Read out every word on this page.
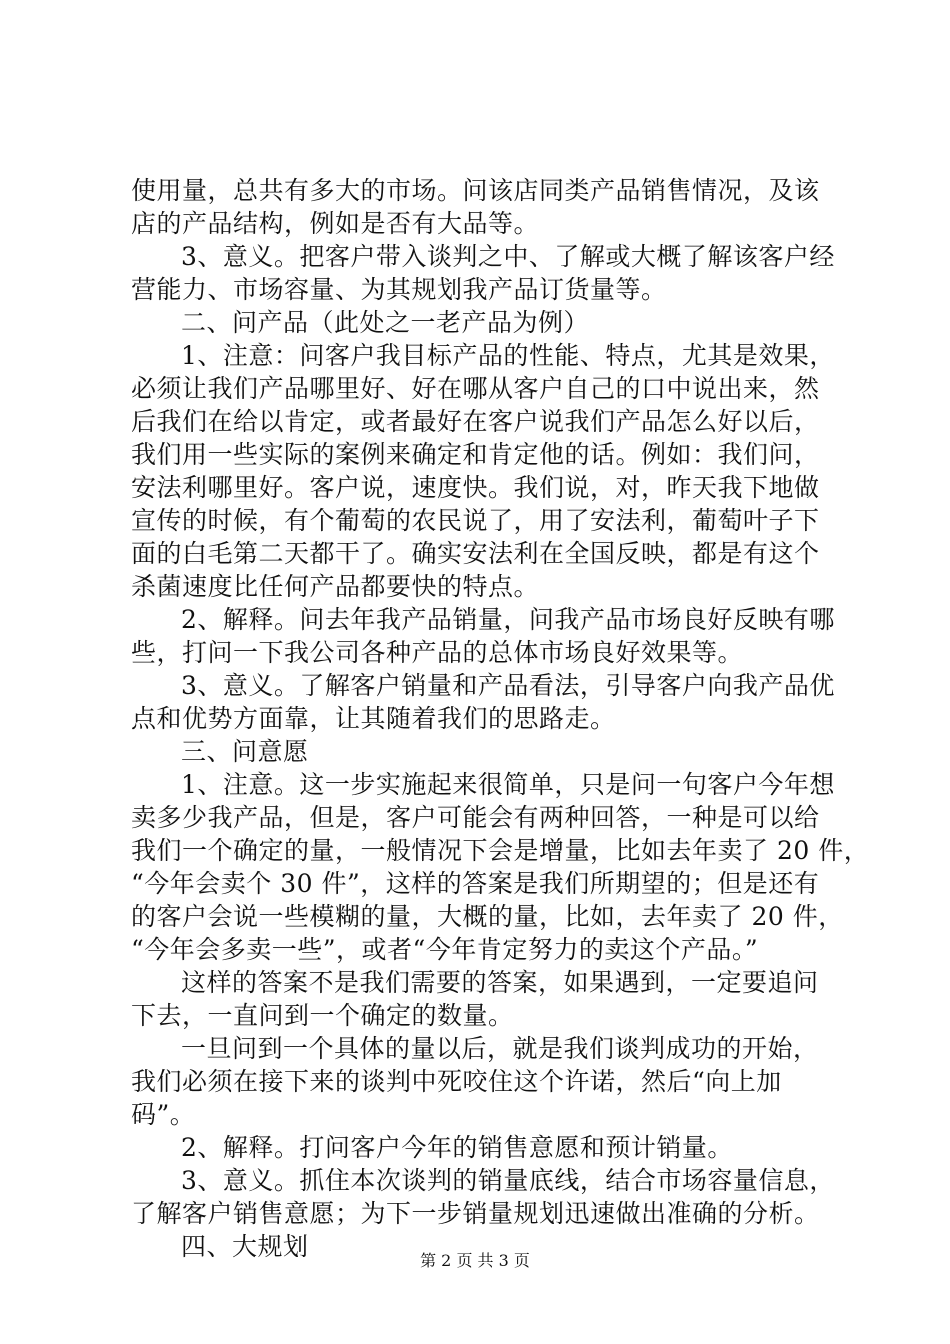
使用量，总共有多大的市场。问该店同类产品销售情况，及该
店的产品结构，例如是否有大品等。
3、意义。把客户带入谈判之中、了解或大概了解该客户经
营能力、市场容量、为其规划我产品订货量等。
二、问产品（此处之一老产品为例）
1、注意：问客户我目标产品的性能、特点，尤其是效果，
必须让我们产品哪里好、好在哪从客户自己的口中说出来，然
后我们在给以肯定，或者最好在客户说我们产品怎么好以后，
我们用一些实际的案例来确定和肯定他的话。例如：我们问，
安法利哪里好。客户说，速度快。我们说，对，昨天我下地做
宣传的时候，有个葡萄的农民说了，用了安法利，葡萄叶子下
面的白毛第二天都干了。确实安法利在全国反映，都是有这个
杀菌速度比任何产品都要快的特点。
2、解释。问去年我产品销量，问我产品市场良好反映有哪
些，打问一下我公司各种产品的总体市场良好效果等。
3、意义。了解客户销量和产品看法，引导客户向我产品优
点和优势方面靠，让其随着我们的思路走。
三、问意愿
1、注意。这一步实施起来很简单，只是问一句客户今年想
卖多少我产品，但是，客户可能会有两种回答，一种是可以给
我们一个确定的量，一般情况下会是增量，比如去年卖了 20 件，
“今年会卖个 30 件”，这样的答案是我们所期望的；但是还有
的客户会说一些模糊的量，大概的量，比如，去年卖了 20 件，
“今年会多卖一些”，或者“今年肯定努力的卖这个产品。”
这样的答案不是我们需要的答案，如果遇到，一定要追问
下去，一直问到一个确定的数量。
一旦问到一个具体的量以后，就是我们谈判成功的开始，
我们必须在接下来的谈判中死咬住这个许诺，然后“向上加
码”。
2、解释。打问客户今年的销售意愿和预计销量。
3、意义。抓住本次谈判的销量底线，结合市场容量信息，
了解客户销售意愿；为下一步销量规划迅速做出准确的分析。
四、大规划	第 2 页 共 3 页
